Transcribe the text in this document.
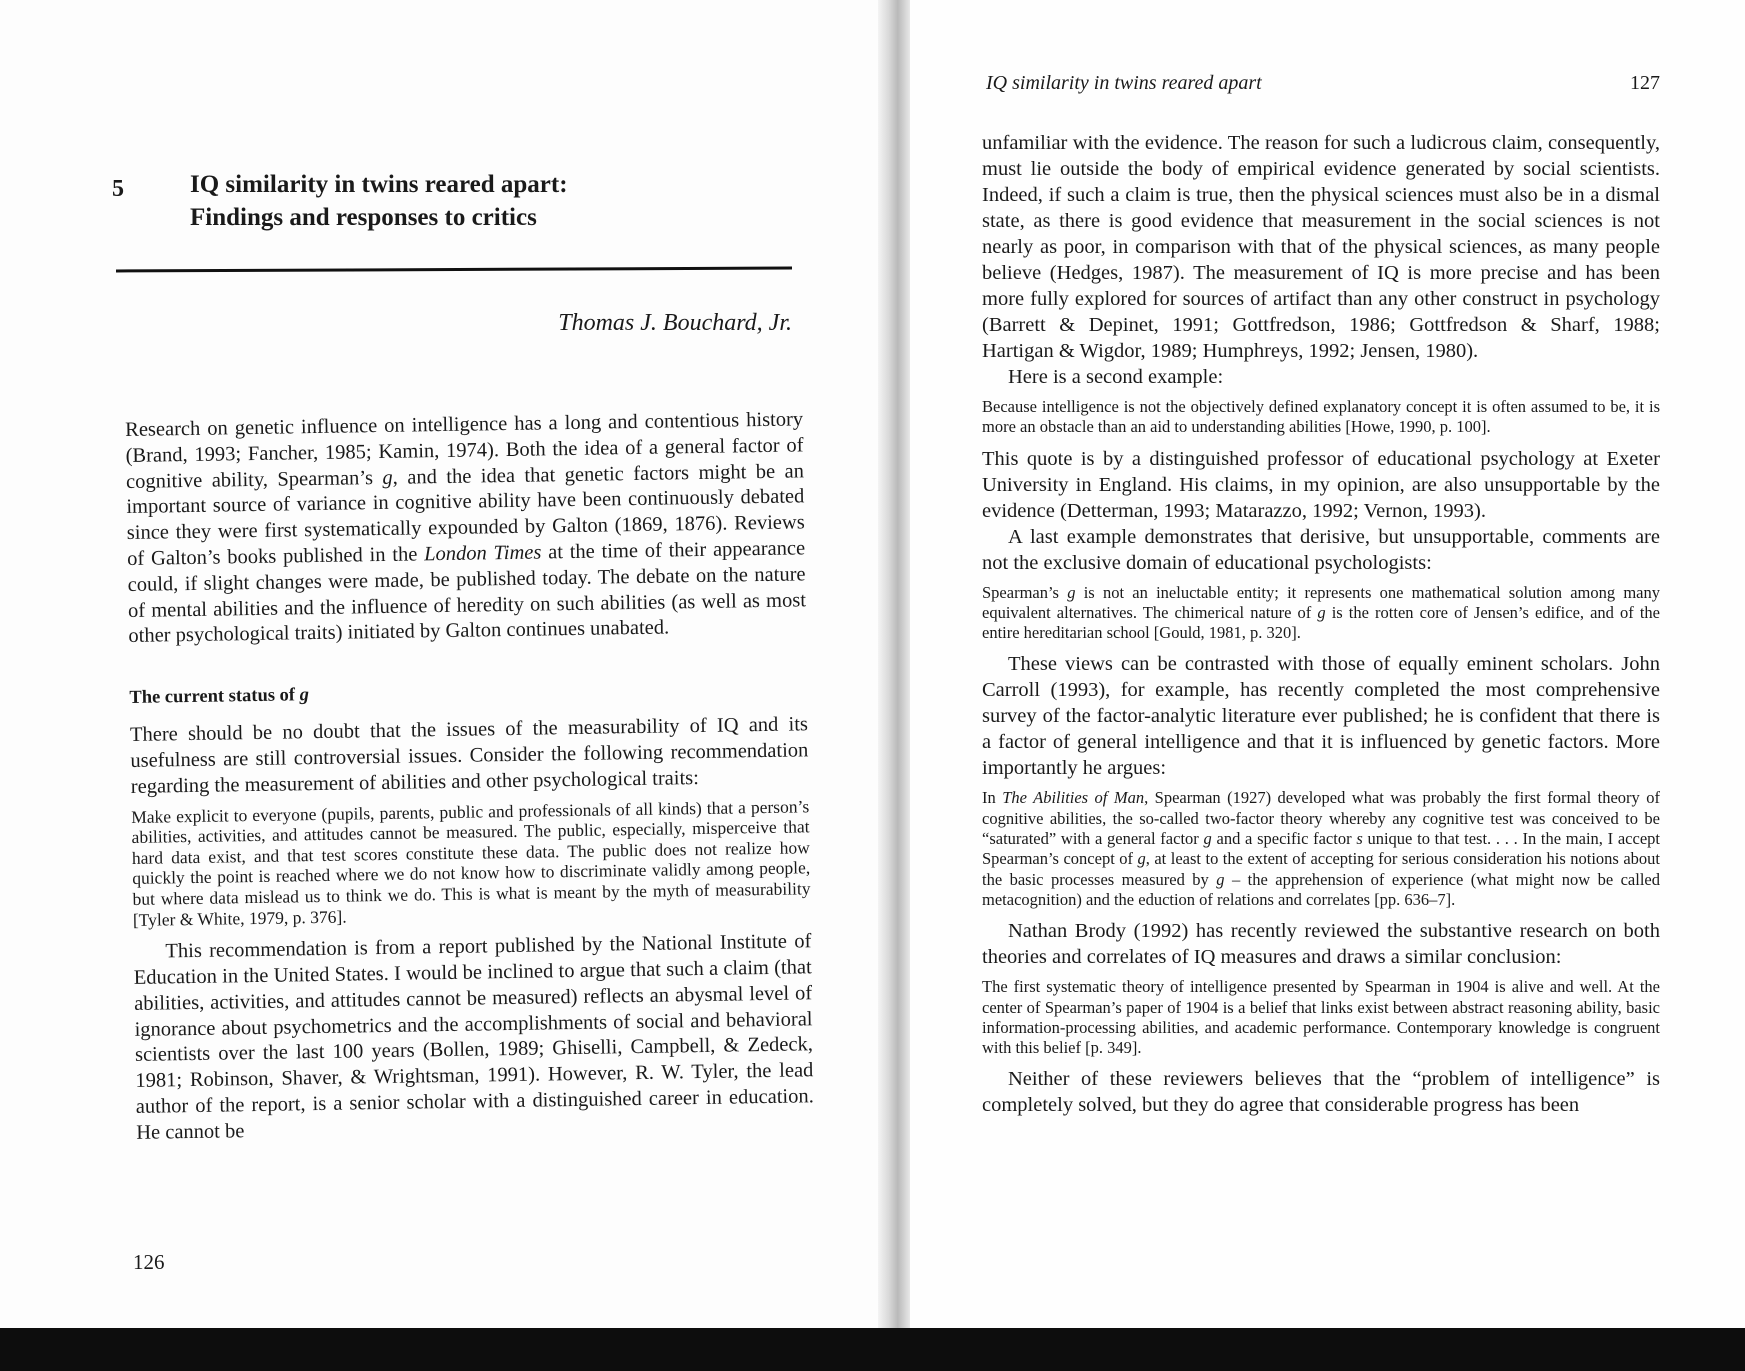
5	IQ similarity in twins reared apart:
Findings and responses to critics
Thomas J. Bouchard, Jr.

Research on genetic influence on intelligence has a long and contentious history (Brand, 1993; Fancher, 1985; Kamin, 1974). Both the idea of a general factor of cognitive ability, Spearman’s g, and the idea that genetic factors might be an important source of variance in cognitive ability have been continuously debated since they were first systematically expounded by Galton (1869, 1876). Reviews of Galton’s books published in the London Times at the time of their appearance could, if slight changes were made, be published today. The debate on the nature of mental abilities and the influence of heredity on such abilities (as well as most other psychological traits) initiated by Galton continues unabated.

The current status of g

There should be no doubt that the issues of the measurability of IQ and its usefulness are still controversial issues. Consider the following recommendation regarding the measurement of abilities and other psychological traits:

Make explicit to everyone (pupils, parents, public and professionals of all kinds) that a person’s abilities, activities, and attitudes cannot be measured. The public, especially, misperceive that hard data exist, and that test scores constitute these data. The public does not realize how quickly the point is reached where we do not know how to discriminate validly among people, but where data mislead us to think we do. This is what is meant by the myth of measurability [Tyler & White, 1979, p. 376].

This recommendation is from a report published by the National Institute of Education in the United States. I would be inclined to argue that such a claim (that abilities, activities, and attitudes cannot be measured) reflects an abysmal level of ignorance about psychometrics and the accomplishments of social and behavioral scientists over the last 100 years (Bollen, 1989; Ghiselli, Campbell, & Zedeck, 1981; Robinson, Shaver, & Wrightsman, 1991). However, R. W. Tyler, the lead author of the report, is a senior scholar with a distinguished career in education. He cannot be

126
IQ similarity in twins reared apart	127

unfamiliar with the evidence. The reason for such a ludicrous claim, consequently, must lie outside the body of empirical evidence generated by social scientists. Indeed, if such a claim is true, then the physical sciences must also be in a dismal state, as there is good evidence that measurement in the social sciences is not nearly as poor, in comparison with that of the physical sciences, as many people believe (Hedges, 1987). The measurement of IQ is more precise and has been more fully explored for sources of artifact than any other construct in psychology (Barrett & Depinet, 1991; Gottfredson, 1986; Gottfredson & Sharf, 1988; Hartigan & Wigdor, 1989; Humphreys, 1992; Jensen, 1980).

Here is a second example:

Because intelligence is not the objectively defined explanatory concept it is often assumed to be, it is more an obstacle than an aid to understanding abilities [Howe, 1990, p. 100].

This quote is by a distinguished professor of educational psychology at Exeter University in England. His claims, in my opinion, are also unsupportable by the evidence (Detterman, 1993; Matarazzo, 1992; Vernon, 1993).

A last example demonstrates that derisive, but unsupportable, comments are not the exclusive domain of educational psychologists:

Spearman’s g is not an ineluctable entity; it represents one mathematical solution among many equivalent alternatives. The chimerical nature of g is the rotten core of Jensen’s edifice, and of the entire hereditarian school [Gould, 1981, p. 320].

These views can be contrasted with those of equally eminent scholars. John Carroll (1993), for example, has recently completed the most comprehensive survey of the factor-analytic literature ever published; he is confident that there is a factor of general intelligence and that it is influenced by genetic factors. More importantly he argues:

In The Abilities of Man, Spearman (1927) developed what was probably the first formal theory of cognitive abilities, the so-called two-factor theory whereby any cognitive test was conceived to be “saturated” with a general factor g and a specific factor s unique to that test. . . . In the main, I accept Spearman’s concept of g, at least to the extent of accepting for serious consideration his notions about the basic processes measured by g – the apprehension of experience (what might now be called metacognition) and the eduction of relations and correlates [pp. 636–7].

Nathan Brody (1992) has recently reviewed the substantive research on both theories and correlates of IQ measures and draws a similar conclusion:

The first systematic theory of intelligence presented by Spearman in 1904 is alive and well. At the center of Spearman’s paper of 1904 is a belief that links exist between abstract reasoning ability, basic information-processing abilities, and academic performance. Contemporary knowledge is congruent with this belief [p. 349].

Neither of these reviewers believes that the “problem of intelligence” is completely solved, but they do agree that considerable progress has been
